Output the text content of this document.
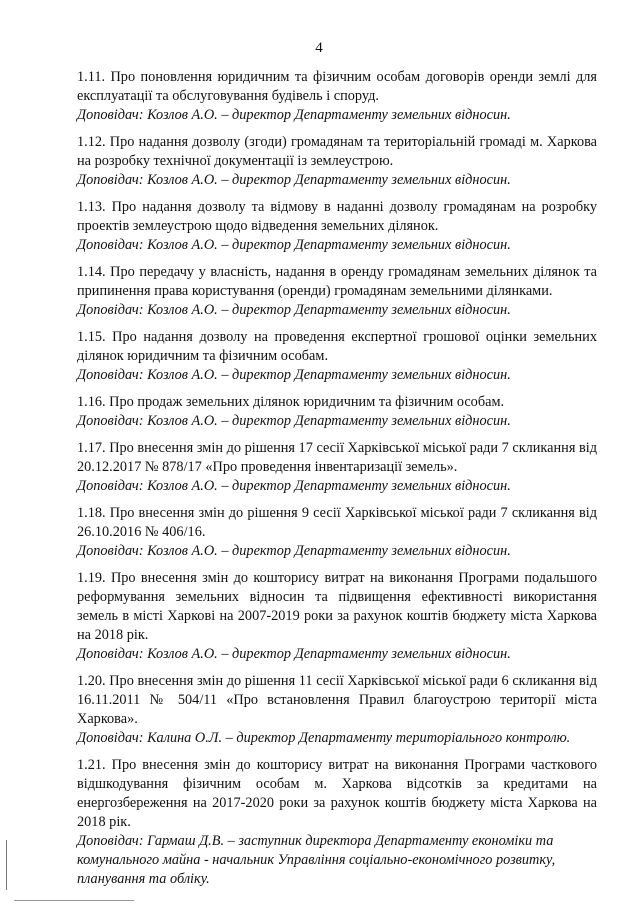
4

1.11. Про поновлення юридичним та фізичним особам договорів оренди землі для експлуатації та обслуговування будівель і споруд.

Доповідач: Козлов А.О. – директор Департаменту земельних відносин.

1.12. Про надання дозволу (згоди) громадянам та територіальній громаді м. Харкова на розробку технічної документації із землеустрою.

Доповідач: Козлов А.О. – директор Департаменту земельних відносин.

1.13. Про надання дозволу та відмову в наданні дозволу громадянам на розробку проектів землеустрою щодо відведення земельних ділянок.

Доповідач: Козлов А.О. – директор Департаменту земельних відносин.

1.14. Про передачу у власність, надання в оренду громадянам земельних ділянок та припинення права користування (оренди) громадянам земельними ділянками.

Доповідач: Козлов А.О. – директор Департаменту земельних відносин.

1.15. Про надання дозволу на проведення експертної грошової оцінки земельних ділянок юридичним та фізичним особам.

Доповідач: Козлов А.О. – директор Департаменту земельних відносин.

1.16. Про продаж земельних ділянок юридичним та фізичним особам.

Доповідач: Козлов А.О. – директор Департаменту земельних відносин.

1.17. Про внесення змін до рішення 17 сесії Харківської міської ради 7 скликання від 20.12.2017 № 878/17 «Про проведення інвентаризації земель».

Доповідач: Козлов А.О. – директор Департаменту земельних відносин.

1.18. Про внесення змін до рішення 9 сесії Харківської міської ради 7 скликання від 26.10.2016 № 406/16.

Доповідач: Козлов А.О. – директор Департаменту земельних відносин.

1.19. Про внесення змін до кошторису витрат на виконання Програми подальшого реформування земельних відносин та підвищення ефективності використання земель в місті Харкові на 2007-2019 роки за рахунок коштів бюджету міста Харкова на 2018 рік.

Доповідач: Козлов А.О. – директор Департаменту земельних відносин.

1.20. Про внесення змін до рішення 11 сесії Харківської міської ради 6 скликання від 16.11.2011 № 504/11 «Про встановлення Правил благоустрою території міста Харкова».

Доповідач: Калина О.Л. – директор Департаменту територіального контролю.

1.21. Про внесення змін до кошторису витрат на виконання Програми часткового відшкодування фізичним особам м. Харкова відсотків за кредитами на енергозбереження на 2017-2020 роки за рахунок коштів бюджету міста Харкова на 2018 рік.

Доповідач: Гармаш Д.В. – заступник директора Департаменту економіки та комунального майна - начальник Управління соціально-економічного розвитку, планування та обліку.
